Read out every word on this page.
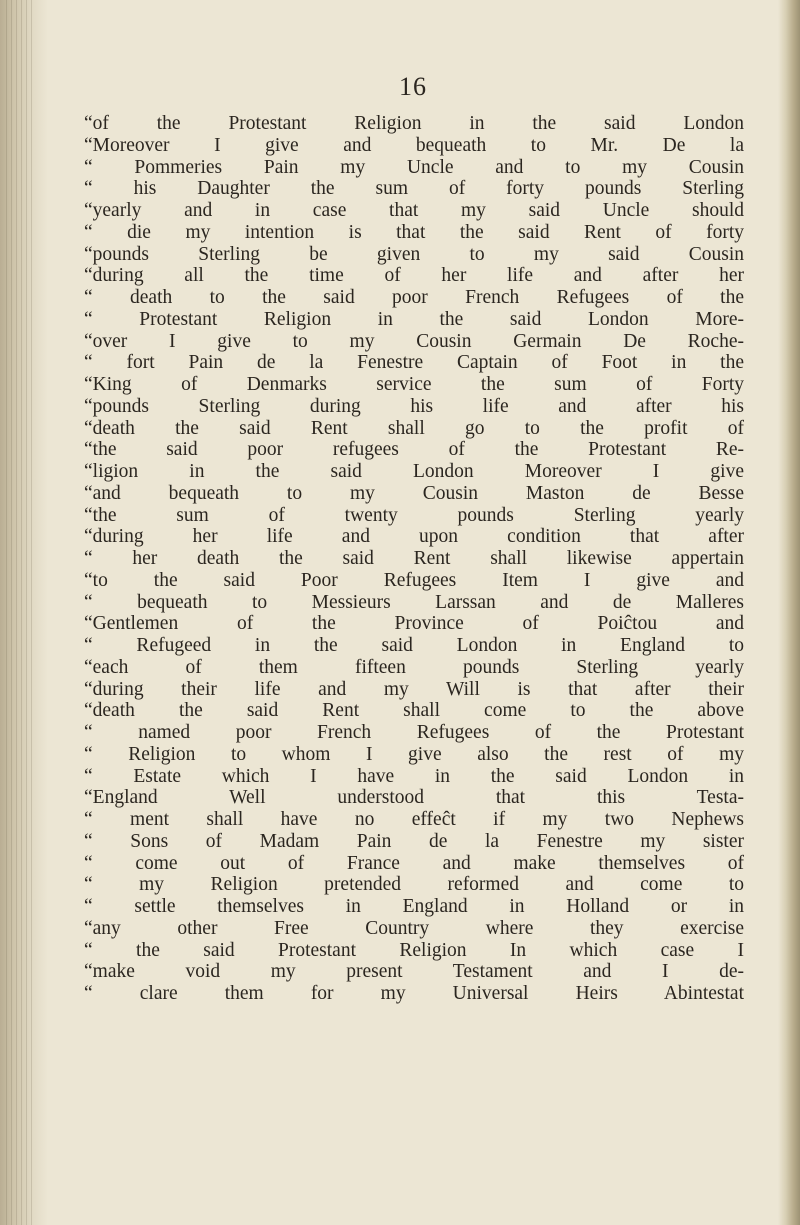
16
“of the Protestant Religion in the said London
“Moreover I give and bequeath to Mr. De la
“ Pommeries Pain my Uncle and to my Cousin
“ his Daughter the sum of forty pounds Sterling
“yearly and in case that my said Uncle should
“ die my intention is that the said Rent of forty
“pounds Sterling be given to my said Cousin
“during all the time of her life and after her
“ death to the said poor French Refugees of the
“ Protestant Religion in the said London More-
“over I give to my Cousin Germain De Roche-
“ fort Pain de la Fenestre Captain of Foot in the
“King of Denmarks service the sum of Forty
“pounds Sterling during his life and after his
“death the said Rent shall go to the profit of
“the said poor refugees of the Protestant Re-
“ligion in the said London Moreover I give
“and bequeath to my Cousin Maston de Besse
“the sum of twenty pounds Sterling yearly
“during her life and upon condition that after
“ her death the said Rent shall likewise appertain
“to the said Poor Refugees Item I give and
“ bequeath to Messieurs Larssan and de Malleres
“Gentlemen of the Province of Poiĉtou and
“ Refugeed in the said London in England to
“each of them fifteen pounds Sterling yearly
“during their life and my Will is that after their
“death the said Rent shall come to the above
“ named poor French Refugees of the Protestant
“ Religion to whom I give also the rest of my
“ Estate which I have in the said London in
“England Well understood that this Testa-
“ ment shall have no effeĉt if my two Nephews
“ Sons of Madam Pain de la Fenestre my sister
“ come out of France and make themselves of
“ my Religion pretended reformed and come to
“ settle themselves in England in Holland or in
“any other Free Country where they exercise
“ the said Protestant Religion In which case I
“make void my present Testament and I de-
“ clare them for my Universal Heirs Abintestat
